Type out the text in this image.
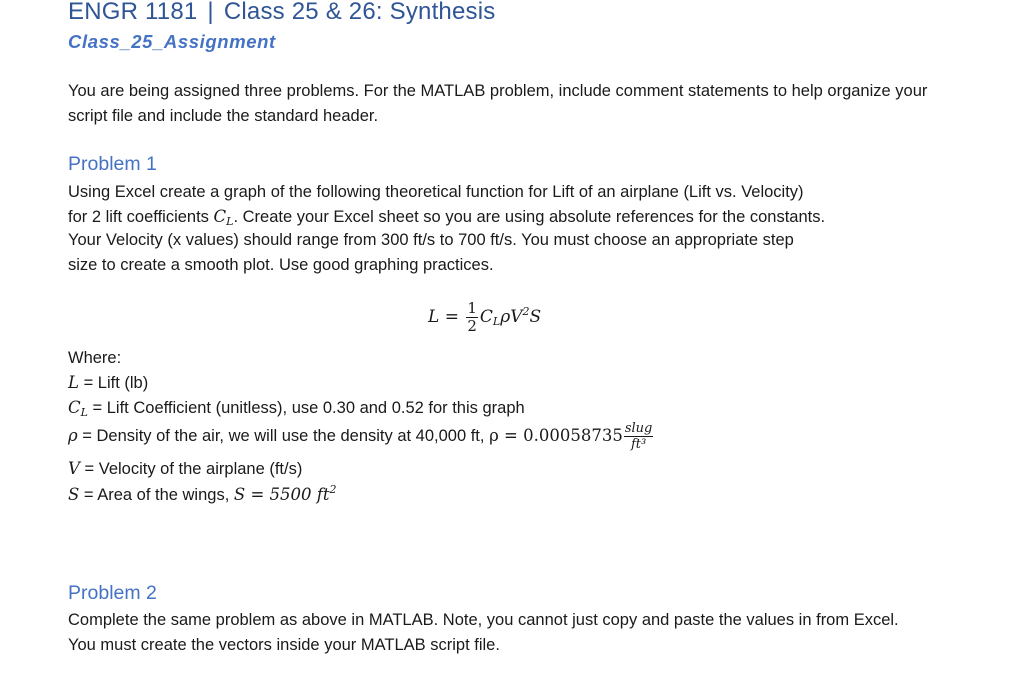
ENGR 1181 | Class 25 & 26: Synthesis
Class_25_Assignment
You are being assigned three problems. For the MATLAB problem, include comment statements to help organize your script file and include the standard header.
Problem 1
Using Excel create a graph of the following theoretical function for Lift of an airplane (Lift vs. Velocity)
for 2 lift coefficients $C_L$. Create your Excel sheet so you are using absolute references for the constants.
Your Velocity (x values) should range from 300 ft/s to 700 ft/s. You must choose an appropriate step
size to create a smooth plot. Use good graphing practices.
$L = \frac{1}{2} C_L\rho V^2S$
Where:
L = Lift (lb)
$C_L$ = Lift Coefficient (unitless), use 0.30 and 0.52 for this graph
ρ = Density of the air, we will use the density at 40,000 ft, $\rho = 0.00058735 \frac{\text{slug}}{\text{ft³}}$
V = Velocity of the airplane (ft/s)
S = Area of the wings, S = 5500 $ft^2$
Problem 2
Complete the same problem as above in MATLAB. Note, you cannot just copy and paste the values in from Excel. You must create the vectors inside your MATLAB script file.
